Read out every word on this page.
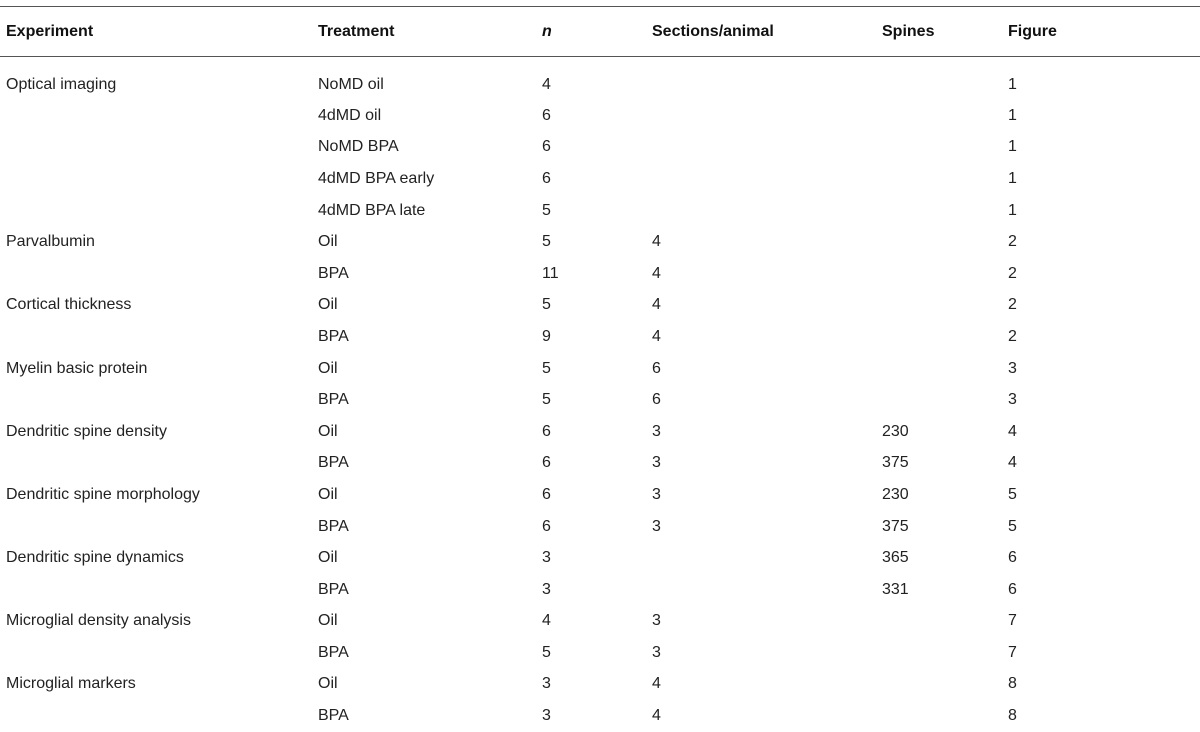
Experiment	Treatment	n	Sections/animal	Spines	Figure
Optical imaging	NoMD oil	4			1
	4dMD oil	6			1
	NoMD BPA	6			1
	4dMD BPA early	6			1
	4dMD BPA late	5			1
Parvalbumin	Oil	5	4		2
	BPA	11	4		2
Cortical thickness	Oil	5	4		2
	BPA	9	4		2
Myelin basic protein	Oil	5	6		3
	BPA	5	6		3
Dendritic spine density	Oil	6	3	230	4
	BPA	6	3	375	4
Dendritic spine morphology	Oil	6	3	230	5
	BPA	6	3	375	5
Dendritic spine dynamics	Oil	3		365	6
	BPA	3		331	6
Microglial density analysis	Oil	4	3		7
	BPA	5	3		7
Microglial markers	Oil	3	4		8
	BPA	3	4		8
